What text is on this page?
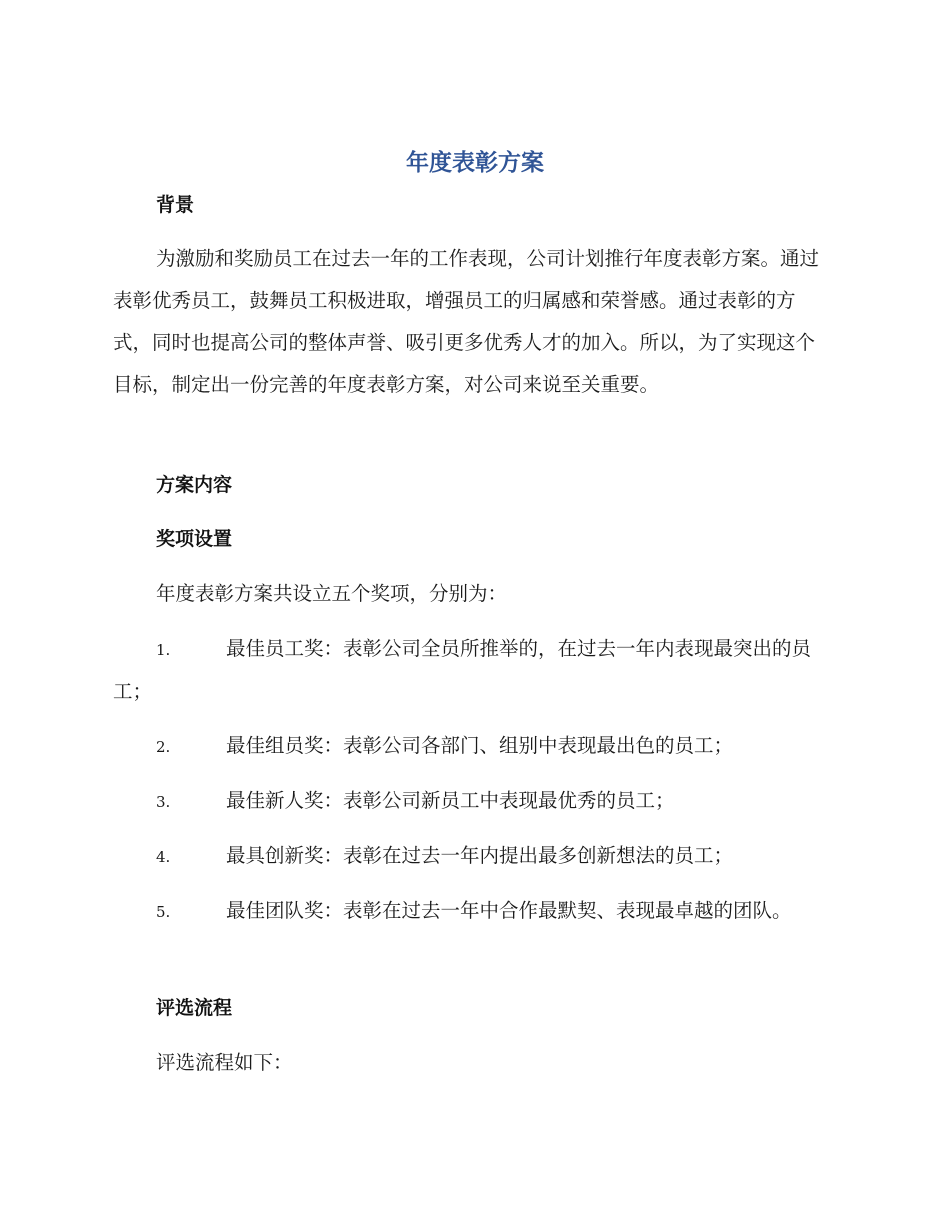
年度表彰方案
背景
为激励和奖励员工在过去一年的工作表现，公司计划推行年度表彰方案。通过表彰优秀员工，鼓舞员工积极进取，增强员工的归属感和荣誉感。通过表彰的方式，同时也提高公司的整体声誉、吸引更多优秀人才的加入。所以，为了实现这个目标，制定出一份完善的年度表彰方案，对公司来说至关重要。
方案内容
奖项设置
年度表彰方案共设立五个奖项，分别为：
1.	最佳员工奖：表彰公司全员所推举的，在过去一年内表现最突出的员工；
2.	最佳组员奖：表彰公司各部门、组别中表现最出色的员工；
3.	最佳新人奖：表彰公司新员工中表现最优秀的员工；
4.	最具创新奖：表彰在过去一年内提出最多创新想法的员工；
5.	最佳团队奖：表彰在过去一年中合作最默契、表现最卓越的团队。
评选流程
评选流程如下：
